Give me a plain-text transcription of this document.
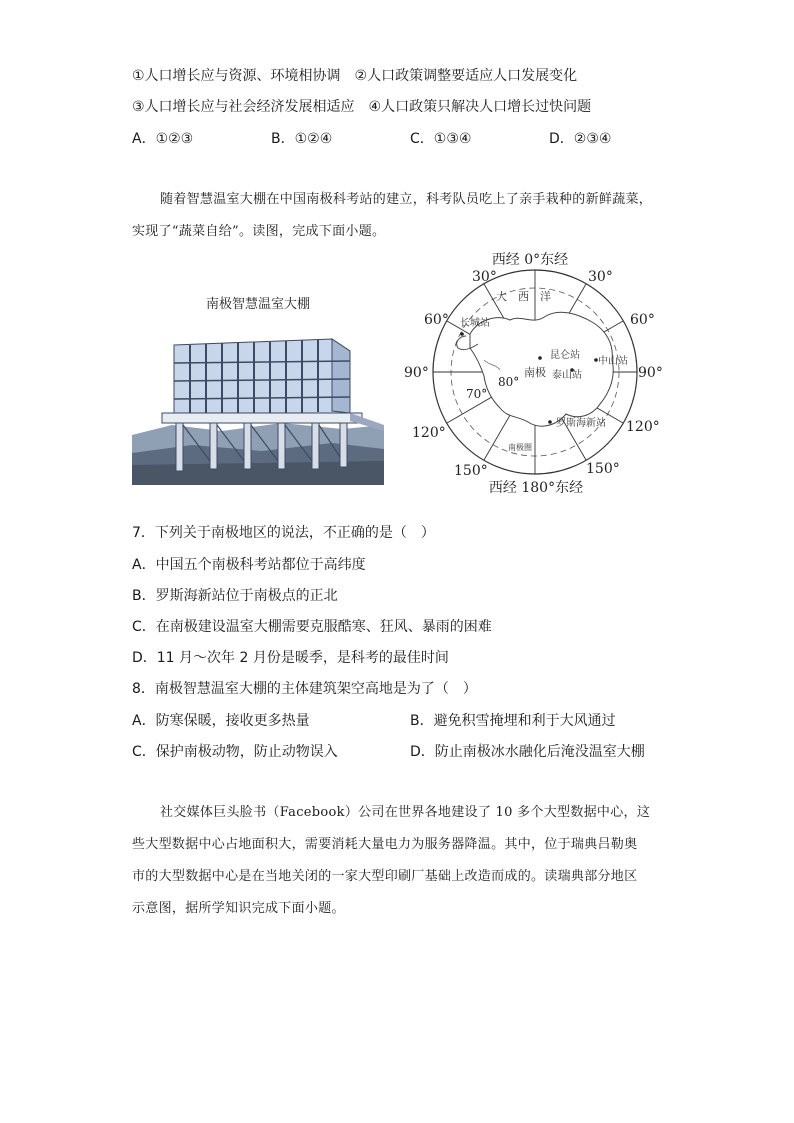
①人口增长应与资源、环境相协调　②人口政策调整要适应人口发展变化
③人口增长应与社会经济发展相适应　④人口政策只解决人口增长过快问题
A．①②③	B．①②④	C．①③④	D．②③④
随着智慧温室大棚在中国南极科考站的建立，科考队员吃上了亲手栽种的新鲜蔬菜，
实现了“蔬菜自给”。读图，完成下面小题。
南极智慧温室大棚
西经 0°东经
西经 180°东经
大　西　洋
长城站
昆仑站
中山站
泰山站
罗斯海新站
南极
南极圈
80°
70°
30°	30°
60°	60°
90°	90°
120°	120°
150°	150°
7．下列关于南极地区的说法，不正确的是（　）
A．中国五个南极科考站都位于高纬度
B．罗斯海新站位于南极点的正北
C．在南极建设温室大棚需要克服酷寒、狂风、暴雨的困难
D．11 月～次年 2 月份是暖季，是科考的最佳时间
8．南极智慧温室大棚的主体建筑架空高地是为了（　）
A．防寒保暖，接收更多热量	B．避免积雪掩埋和利于大风通过
C．保护南极动物，防止动物误入	D．防止南极冰水融化后淹没温室大棚
社交媒体巨头脸书（Facebook）公司在世界各地建设了 10 多个大型数据中心，这
些大型数据中心占地面积大，需要消耗大量电力为服务器降温。其中，位于瑞典吕勒奥
市的大型数据中心是在当地关闭的一家大型印刷厂基础上改造而成的。读瑞典部分地区
示意图，据所学知识完成下面小题。
